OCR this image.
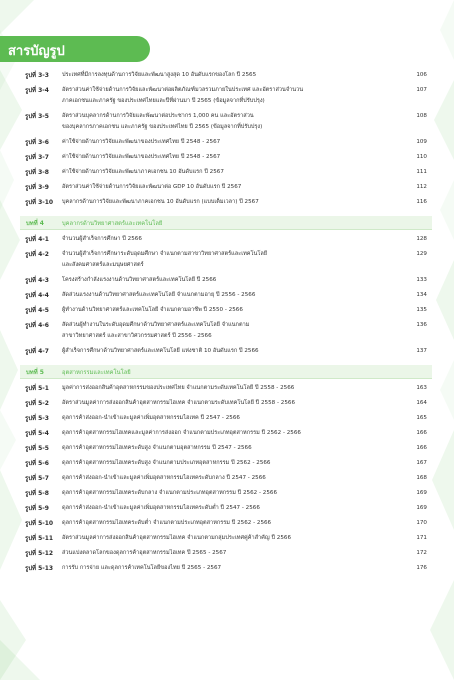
สารบัญรูป
รูปที่ 3-3 ประเทศที่มีการลงทุนด้านการวิจัยและพัฒนาสูงสุด 10 อันดับแรกของโลก ปี 2565	106
รูปที่ 3-4 อัตราส่วนค่าใช้จ่ายด้านการวิจัยและพัฒนาต่อผลิตภัณฑ์มวลรวมภายในประเทศ และอัตราส่วนจำนวน	107
ภาคเอกชนและภาครัฐ ของประเทศไทยและปีที่ผ่านมา ปี 2565 (ข้อมูลจากที่ปรับปรุง)
รูปที่ 3-5 อัตราส่วนบุคลากรด้านการวิจัยและพัฒนาต่อประชากร 1,000 คน และอัตราส่วน	108
ของบุคลากรภาคเอกชน และภาครัฐ ของประเทศไทย ปี 2565 (ข้อมูลจากที่ปรับปรุง)
รูปที่ 3-6 ค่าใช้จ่ายด้านการวิจัยและพัฒนาของประเทศไทย ปี 2548 - 2567	109
รูปที่ 3-7 ค่าใช้จ่ายด้านการวิจัยและพัฒนาของประเทศไทย ปี 2548 - 2567	110
รูปที่ 3-8 ค่าใช้จ่ายด้านการวิจัยและพัฒนาภาคเอกชน 10 อันดับแรก ปี 2567	111
รูปที่ 3-9 อัตราส่วนค่าใช้จ่ายด้านการวิจัยและพัฒนาต่อ GDP 10 อันดับแรก ปี 2567	112
รูปที่ 3-10 บุคลากรด้านการวิจัยและพัฒนาภาคเอกชน 10 อันดับแรก (แบบเต็มเวลา) ปี 2567	116
บทที่ 4	บุคลากรด้านวิทยาศาสตร์และเทคโนโลยี
รูปที่ 4-1 จำนวนผู้สำเร็จการศึกษา ปี 2566	128
รูปที่ 4-2 จำนวนผู้สำเร็จการศึกษาระดับอุดมศึกษา จำแนกตามสาขาวิทยาศาสตร์และเทคโนโลยี	129
และสังคมศาสตร์และมนุษยศาสตร์
รูปที่ 4-3 โครงสร้างกำลังแรงงานด้านวิทยาศาสตร์และเทคโนโลยี ปี 2566	133
รูปที่ 4-4 สัดส่วนแรงงานด้านวิทยาศาสตร์และเทคโนโลยี จำแนกตามอายุ ปี 2556 - 2566	134
รูปที่ 4-5 ผู้ทำงานด้านวิทยาศาสตร์และเทคโนโลยี จำแนกตามอาชีพ ปี 2550 - 2566	135
รูปที่ 4-6 สัดส่วนผู้ทำงานในระดับอุดมศึกษาด้านวิทยาศาสตร์และเทคโนโลยี จำแนกตาม	136
สาขาวิทยาศาสตร์ และสาขาวิศวกรรมศาสตร์ ปี 2556 - 2566
รูปที่ 4-7 ผู้สำเร็จการศึกษาด้านวิทยาศาสตร์และเทคโนโลยี แห่งชาติ 10 อันดับแรก ปี 2566	137
บทที่ 5	อุตสาหกรรมและเทคโนโลยี
รูปที่ 5-1 มูลค่าการส่งออกสินค้าอุตสาหกรรมของประเทศไทย จำแนกตามระดับเทคโนโลยี ปี 2558 - 2566	163
รูปที่ 5-2 อัตราส่วนมูลค่าการส่งออกสินค้าอุตสาหกรรมไฮเทค จำแนกตามระดับเทคโนโลยี ปี 2558 - 2566	164
รูปที่ 5-3 ดุลการค้าส่งออก-นำเข้าและมูลค่าเพิ่มอุตสาหกรรมไฮเทค ปี 2547 - 2566	165
รูปที่ 5-4 ดุลการค้าอุตสาหกรรมไฮเทคและมูลค่าการส่งออก จำแนกตามประเภทอุตสาหกรรม ปี 2562 - 2566	166
รูปที่ 5-5 ดุลการค้าอุตสาหกรรมไฮเทคระดับสูง จำแนกตามอุตสาหกรรม ปี 2547 - 2566	166
รูปที่ 5-6 ดุลการค้าอุตสาหกรรมไฮเทคระดับสูง จำแนกตามประเภทอุตสาหกรรม ปี 2562 - 2566	167
รูปที่ 5-7 ดุลการค้าส่งออก-นำเข้าและมูลค่าเพิ่มอุตสาหกรรมไฮเทคระดับกลาง ปี 2547 - 2566	168
รูปที่ 5-8 ดุลการค้าอุตสาหกรรมไฮเทคระดับกลาง จำแนกตามประเภทอุตสาหกรรม ปี 2562 - 2566	169
รูปที่ 5-9 ดุลการค้าส่งออก-นำเข้าและมูลค่าเพิ่มอุตสาหกรรมไฮเทคระดับต่ำ ปี 2547 - 2566	169
รูปที่ 5-10 ดุลการค้าอุตสาหกรรมไฮเทคระดับต่ำ จำแนกตามประเภทอุตสาหกรรม ปี 2562 - 2566	170
รูปที่ 5-11 อัตราส่วนมูลค่าการส่งออกสินค้าอุตสาหกรรมไฮเทค จำแนกตามกลุ่มประเทศคู่ค้าสำคัญ ปี 2566	171
รูปที่ 5-12 ส่วนแบ่งตลาดโลกของดุลการค้าอุตสาหกรรมไฮเทค ปี 2565 - 2567	172
รูปที่ 5-13 การรับ การจ่าย และดุลการค้าเทคโนโลยีของไทย ปี 2565 - 2567	176
